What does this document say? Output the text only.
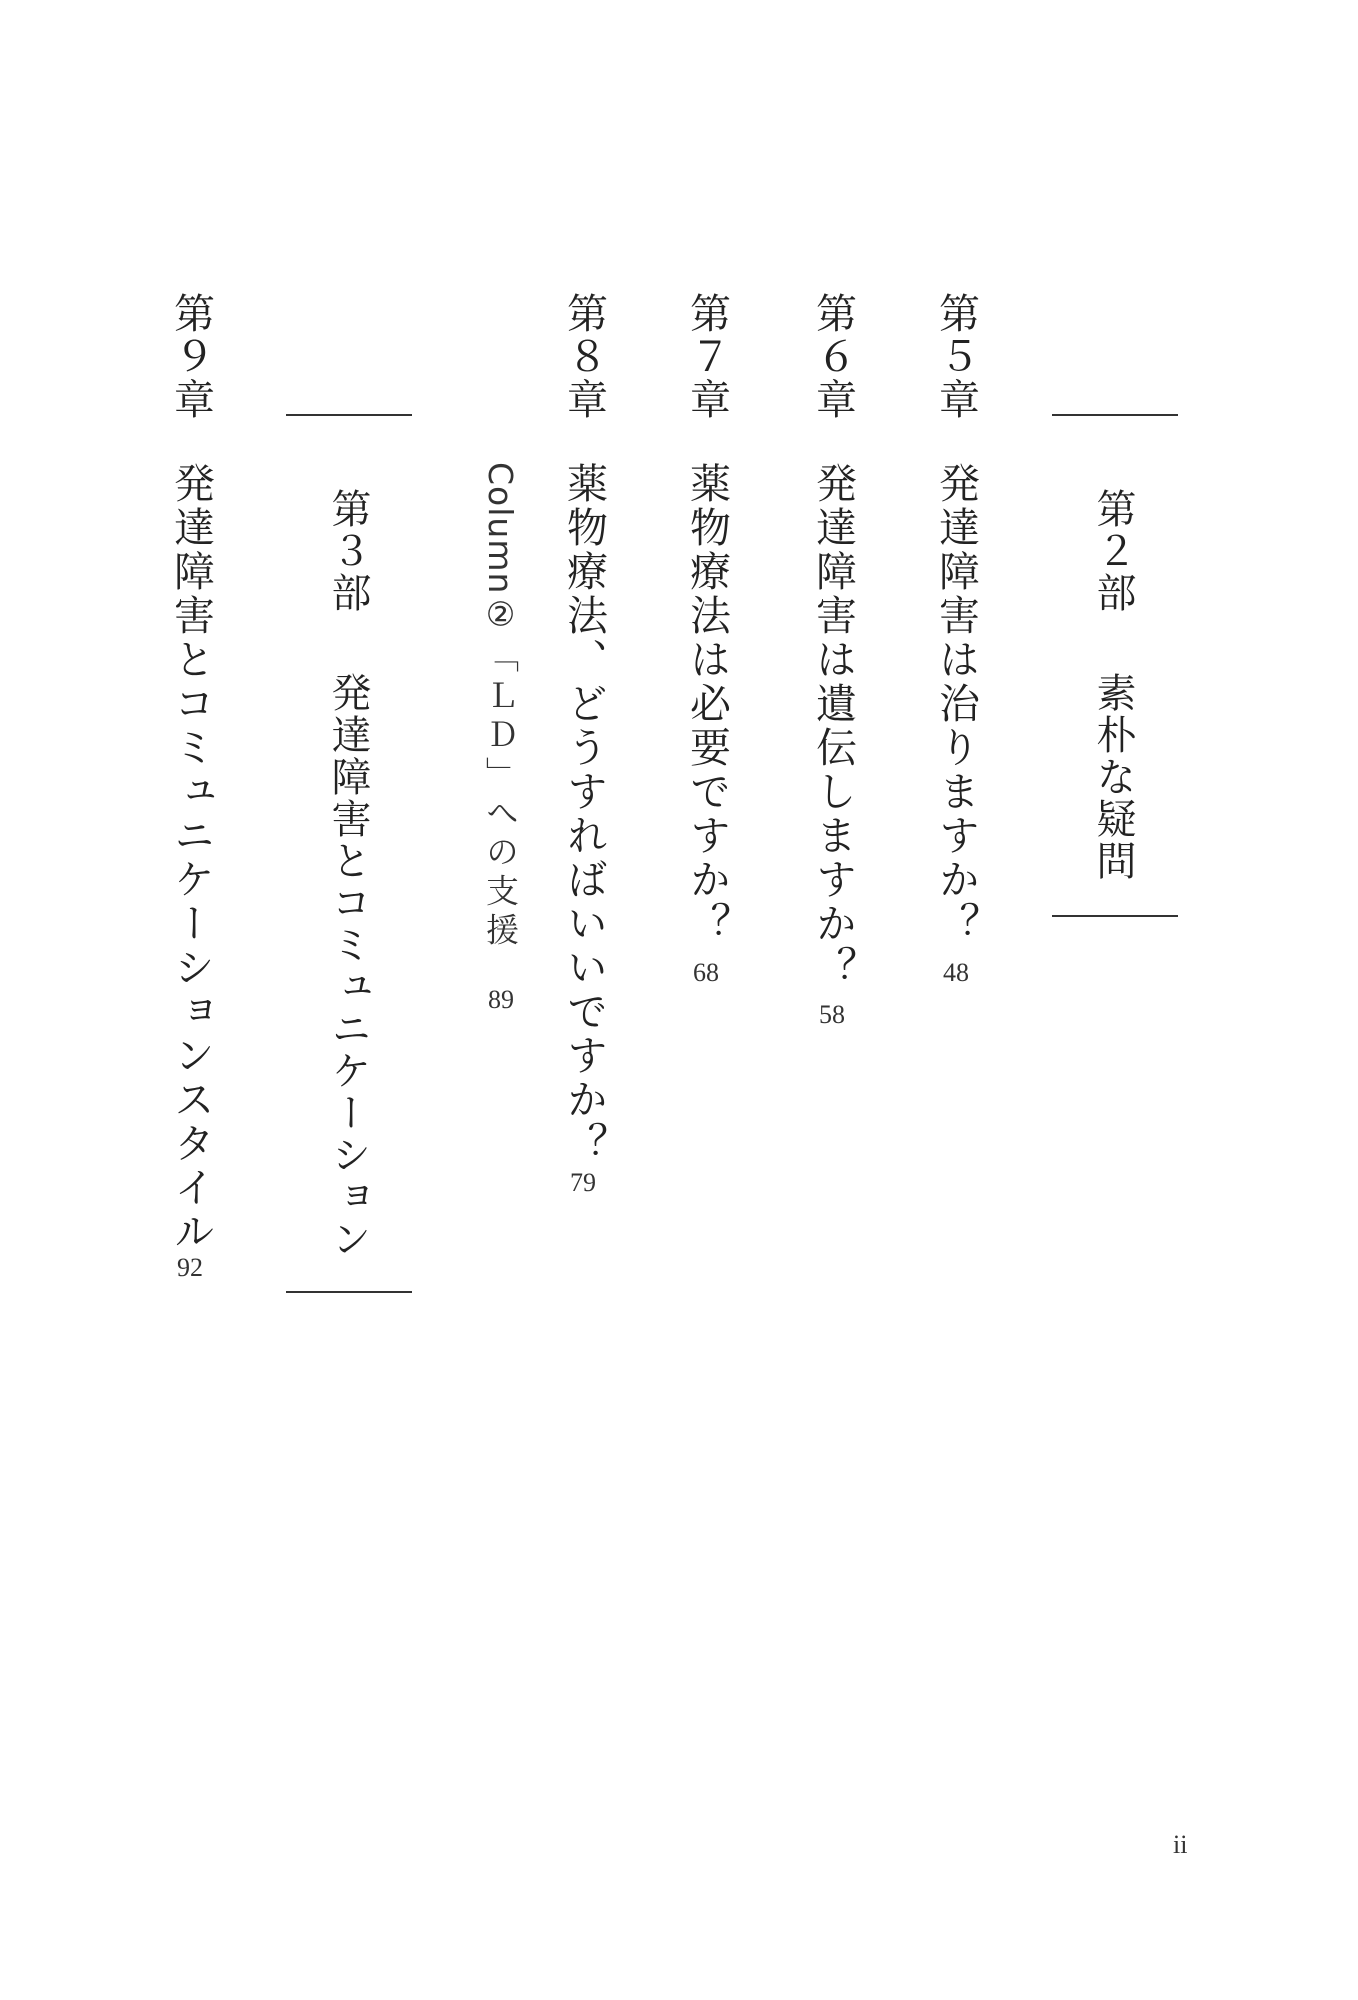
第２部素朴な疑問
第５章
発達障害は治りますか？
48
第６章
発達障害は遺伝しますか？
58
第７章
薬物療法は必要ですか？
68
第８章
薬物療法、どうすればいいですか？
79
Column②「ＬＤ」への支援
89
第３部発達障害とコミュニケーション
第９章
発達障害とコミュニケーションスタイル
92
ii
